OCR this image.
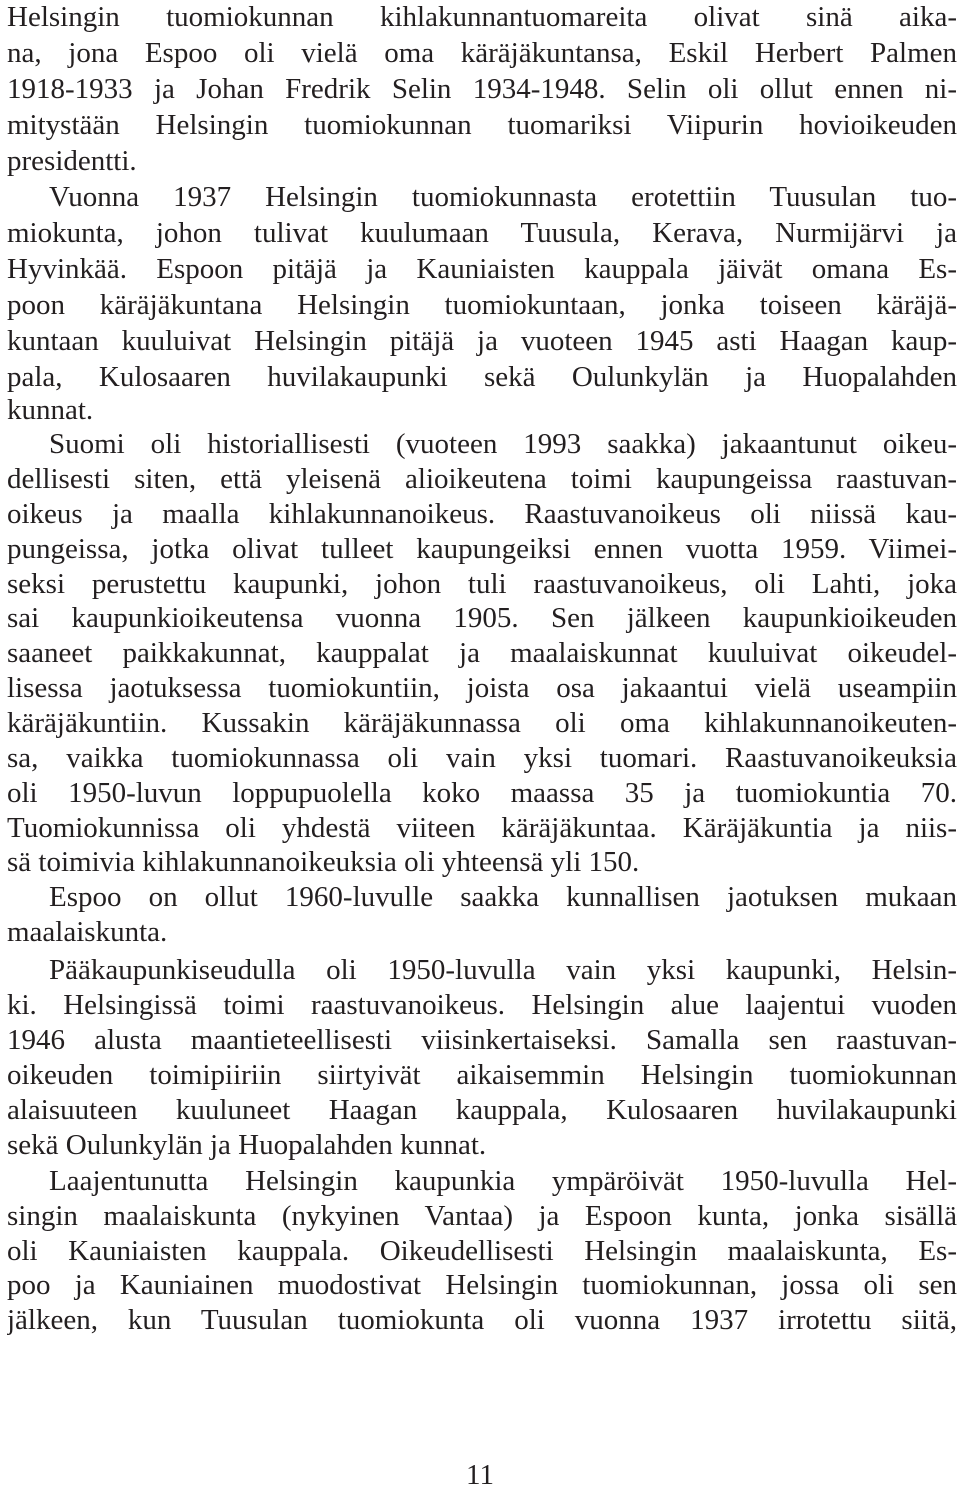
Helsingin tuomiokunnan kihlakunnantuomareita olivat sinä aika-
na, jona Espoo oli vielä oma käräjäkuntansa, Eskil Herbert Palmen
1918-1933 ja Johan Fredrik Selin 1934-1948. Selin oli ollut ennen ni-
mitystään Helsingin tuomiokunnan tuomariksi Viipurin hovioikeuden
presidentti.
Vuonna 1937 Helsingin tuomiokunnasta erotettiin Tuusulan tuo-
miokunta, johon tulivat kuulumaan Tuusula, Kerava, Nurmijärvi ja
Hyvinkää. Espoon pitäjä ja Kauniaisten kauppala jäivät omana Es-
poon käräjäkuntana Helsingin tuomiokuntaan, jonka toiseen käräjä-
kuntaan kuuluivat Helsingin pitäjä ja vuoteen 1945 asti Haagan kaup-
pala, Kulosaaren huvilakaupunki sekä Oulunkylän ja Huopalahden
kunnat.
Suomi oli historiallisesti (vuoteen 1993 saakka) jakaantunut oikeu-
dellisesti siten, että yleisenä alioikeutena toimi kaupungeissa raastuvan-
oikeus ja maalla kihlakunnanoikeus. Raastuvanoikeus oli niissä kau-
pungeissa, jotka olivat tulleet kaupungeiksi ennen vuotta 1959. Viimei-
seksi perustettu kaupunki, johon tuli raastuvanoikeus, oli Lahti, joka
sai kaupunkioikeutensa vuonna 1905. Sen jälkeen kaupunkioikeuden
saaneet paikkakunnat, kauppalat ja maalaiskunnat kuuluivat oikeudel-
lisessa jaotuksessa tuomiokuntiin, joista osa jakaantui vielä useampiin
käräjäkuntiin. Kussakin käräjäkunnassa oli oma kihlakunnanoikeuten-
sa, vaikka tuomiokunnassa oli vain yksi tuomari. Raastuvanoikeuksia
oli 1950-luvun loppupuolella koko maassa 35 ja tuomiokuntia 70.
Tuomiokunnissa oli yhdestä viiteen käräjäkuntaa. Käräjäkuntia ja niis-
sä toimivia kihlakunnanoikeuksia oli yhteensä yli 150.
Espoo on ollut 1960-luvulle saakka kunnallisen jaotuksen mukaan
maalaiskunta.
Pääkaupunkiseudulla oli 1950-luvulla vain yksi kaupunki, Helsin-
ki. Helsingissä toimi raastuvanoikeus. Helsingin alue laajentui vuoden
1946 alusta maantieteellisesti viisinkertaiseksi. Samalla sen raastuvan-
oikeuden toimipiiriin siirtyivät aikaisemmin Helsingin tuomiokunnan
alaisuuteen kuuluneet Haagan kauppala, Kulosaaren huvilakaupunki
sekä Oulunkylän ja Huopalahden kunnat.
Laajentunutta Helsingin kaupunkia ympäröivät 1950-luvulla Hel-
singin maalaiskunta (nykyinen Vantaa) ja Espoon kunta, jonka sisällä
oli Kauniaisten kauppala. Oikeudellisesti Helsingin maalaiskunta, Es-
poo ja Kauniainen muodostivat Helsingin tuomiokunnan, jossa oli sen
jälkeen, kun Tuusulan tuomiokunta oli vuonna 1937 irrotettu siitä,
11
